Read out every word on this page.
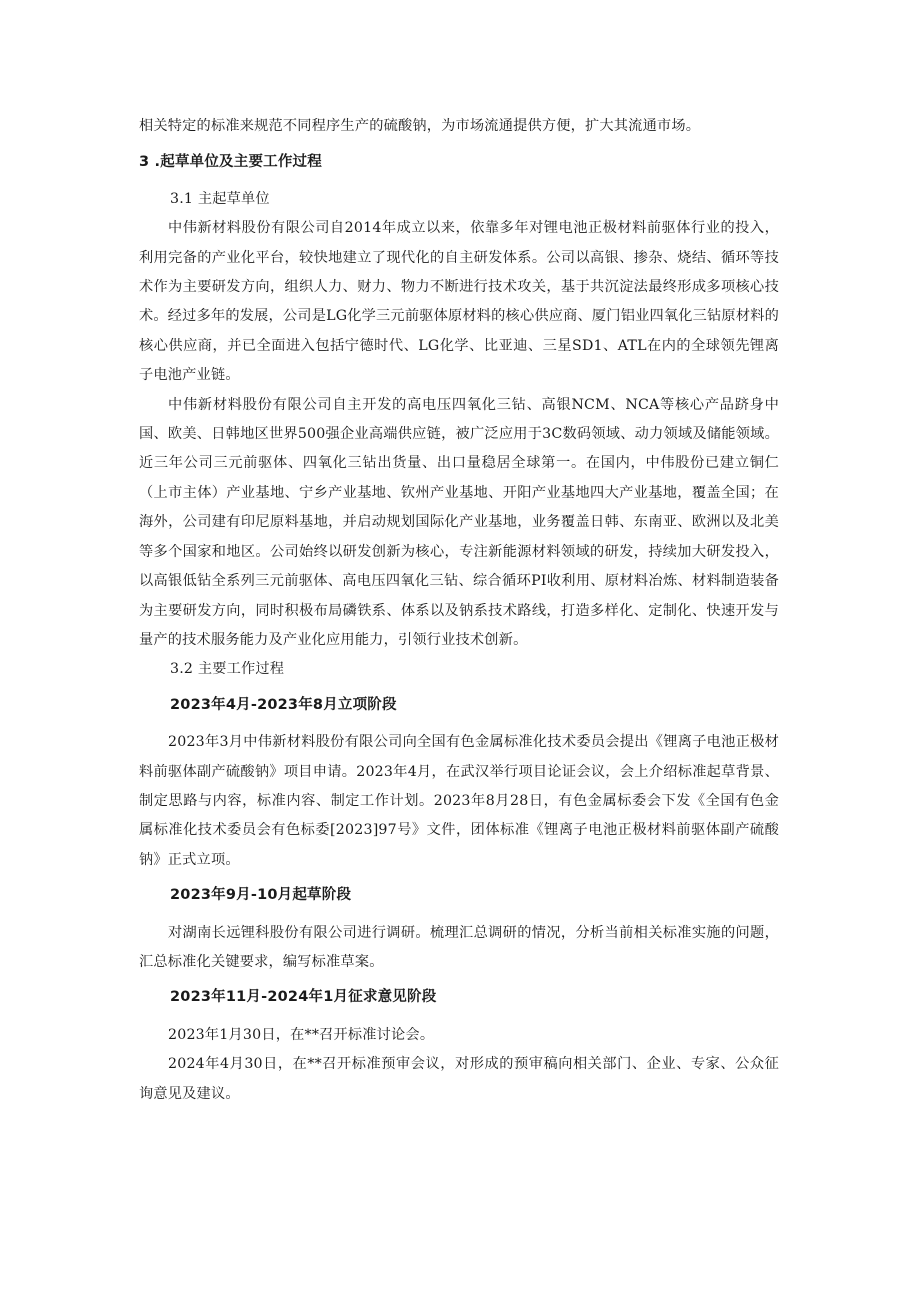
相关特定的标准来规范不同程序生产的硫酸钠，为市场流通提供方便，扩大其流通市场。

3 .起草单位及主要工作过程

3.1 主起草单位

中伟新材料股份有限公司自2014年成立以来，依靠多年对锂电池正极材料前驱体行业的投入，利用完备的产业化平台，较快地建立了现代化的自主研发体系。公司以高银、掺杂、烧结、循环等技术作为主要研发方向，组织人力、财力、物力不断进行技术攻关，基于共沉淀法最终形成多项核心技术。经过多年的发展，公司是LG化学三元前驱体原材料的核心供应商、厦门铝业四氧化三钻原材料的核心供应商，并已全面进入包括宁德时代、LG化学、比亚迪、三星SD1、ATL在内的全球领先锂离子电池产业链。

中伟新材料股份有限公司自主开发的高电压四氧化三钻、高银NCM、NCA等核心产品跻身中国、欧美、日韩地区世界500强企业高端供应链，被广泛应用于3C数码领域、动力领域及储能领域。近三年公司三元前驱体、四氧化三钻出货量、出口量稳居全球第一。在国内，中伟股份已建立铜仁（上市主体）产业基地、宁乡产业基地、钦州产业基地、开阳产业基地四大产业基地，覆盖全国；在海外，公司建有印尼原料基地，并启动规划国际化产业基地，业务覆盖日韩、东南亚、欧洲以及北美等多个国家和地区。公司始终以研发创新为核心，专注新能源材料领域的研发，持续加大研发投入，以高银低钻全系列三元前驱体、高电压四氧化三钻、综合循环PI收利用、原材料冶炼、材料制造装备为主要研发方向，同时积极布局磷铁系、体系以及钠系技术路线，打造多样化、定制化、快速开发与量产的技术服务能力及产业化应用能力，引领行业技术创新。

3.2 主要工作过程

2023年4月-2023年8月立项阶段

2023年3月中伟新材料股份有限公司向全国有色金属标准化技术委员会提出《锂离子电池正极材料前驱体副产硫酸钠》项目申请。2023年4月，在武汉举行项目论证会议，会上介绍标准起草背景、制定思路与内容，标准内容、制定工作计划。2023年8月28日，有色金属标委会下发《全国有色金属标准化技术委员会有色标委[2023]97号》文件，团体标准《锂离子电池正极材料前驱体副产硫酸钠》正式立项。

2023年9月-10月起草阶段

对湖南长远锂科股份有限公司进行调研。梳理汇总调研的情况，分析当前相关标准实施的问题，汇总标准化关键要求，编写标准草案。

2023年11月-2024年1月征求意见阶段

2023年1月30日，在**召开标准讨论会。

2024年4月30日，在**召开标准预审会议，对形成的预审稿向相关部门、企业、专家、公众征询意见及建议。
